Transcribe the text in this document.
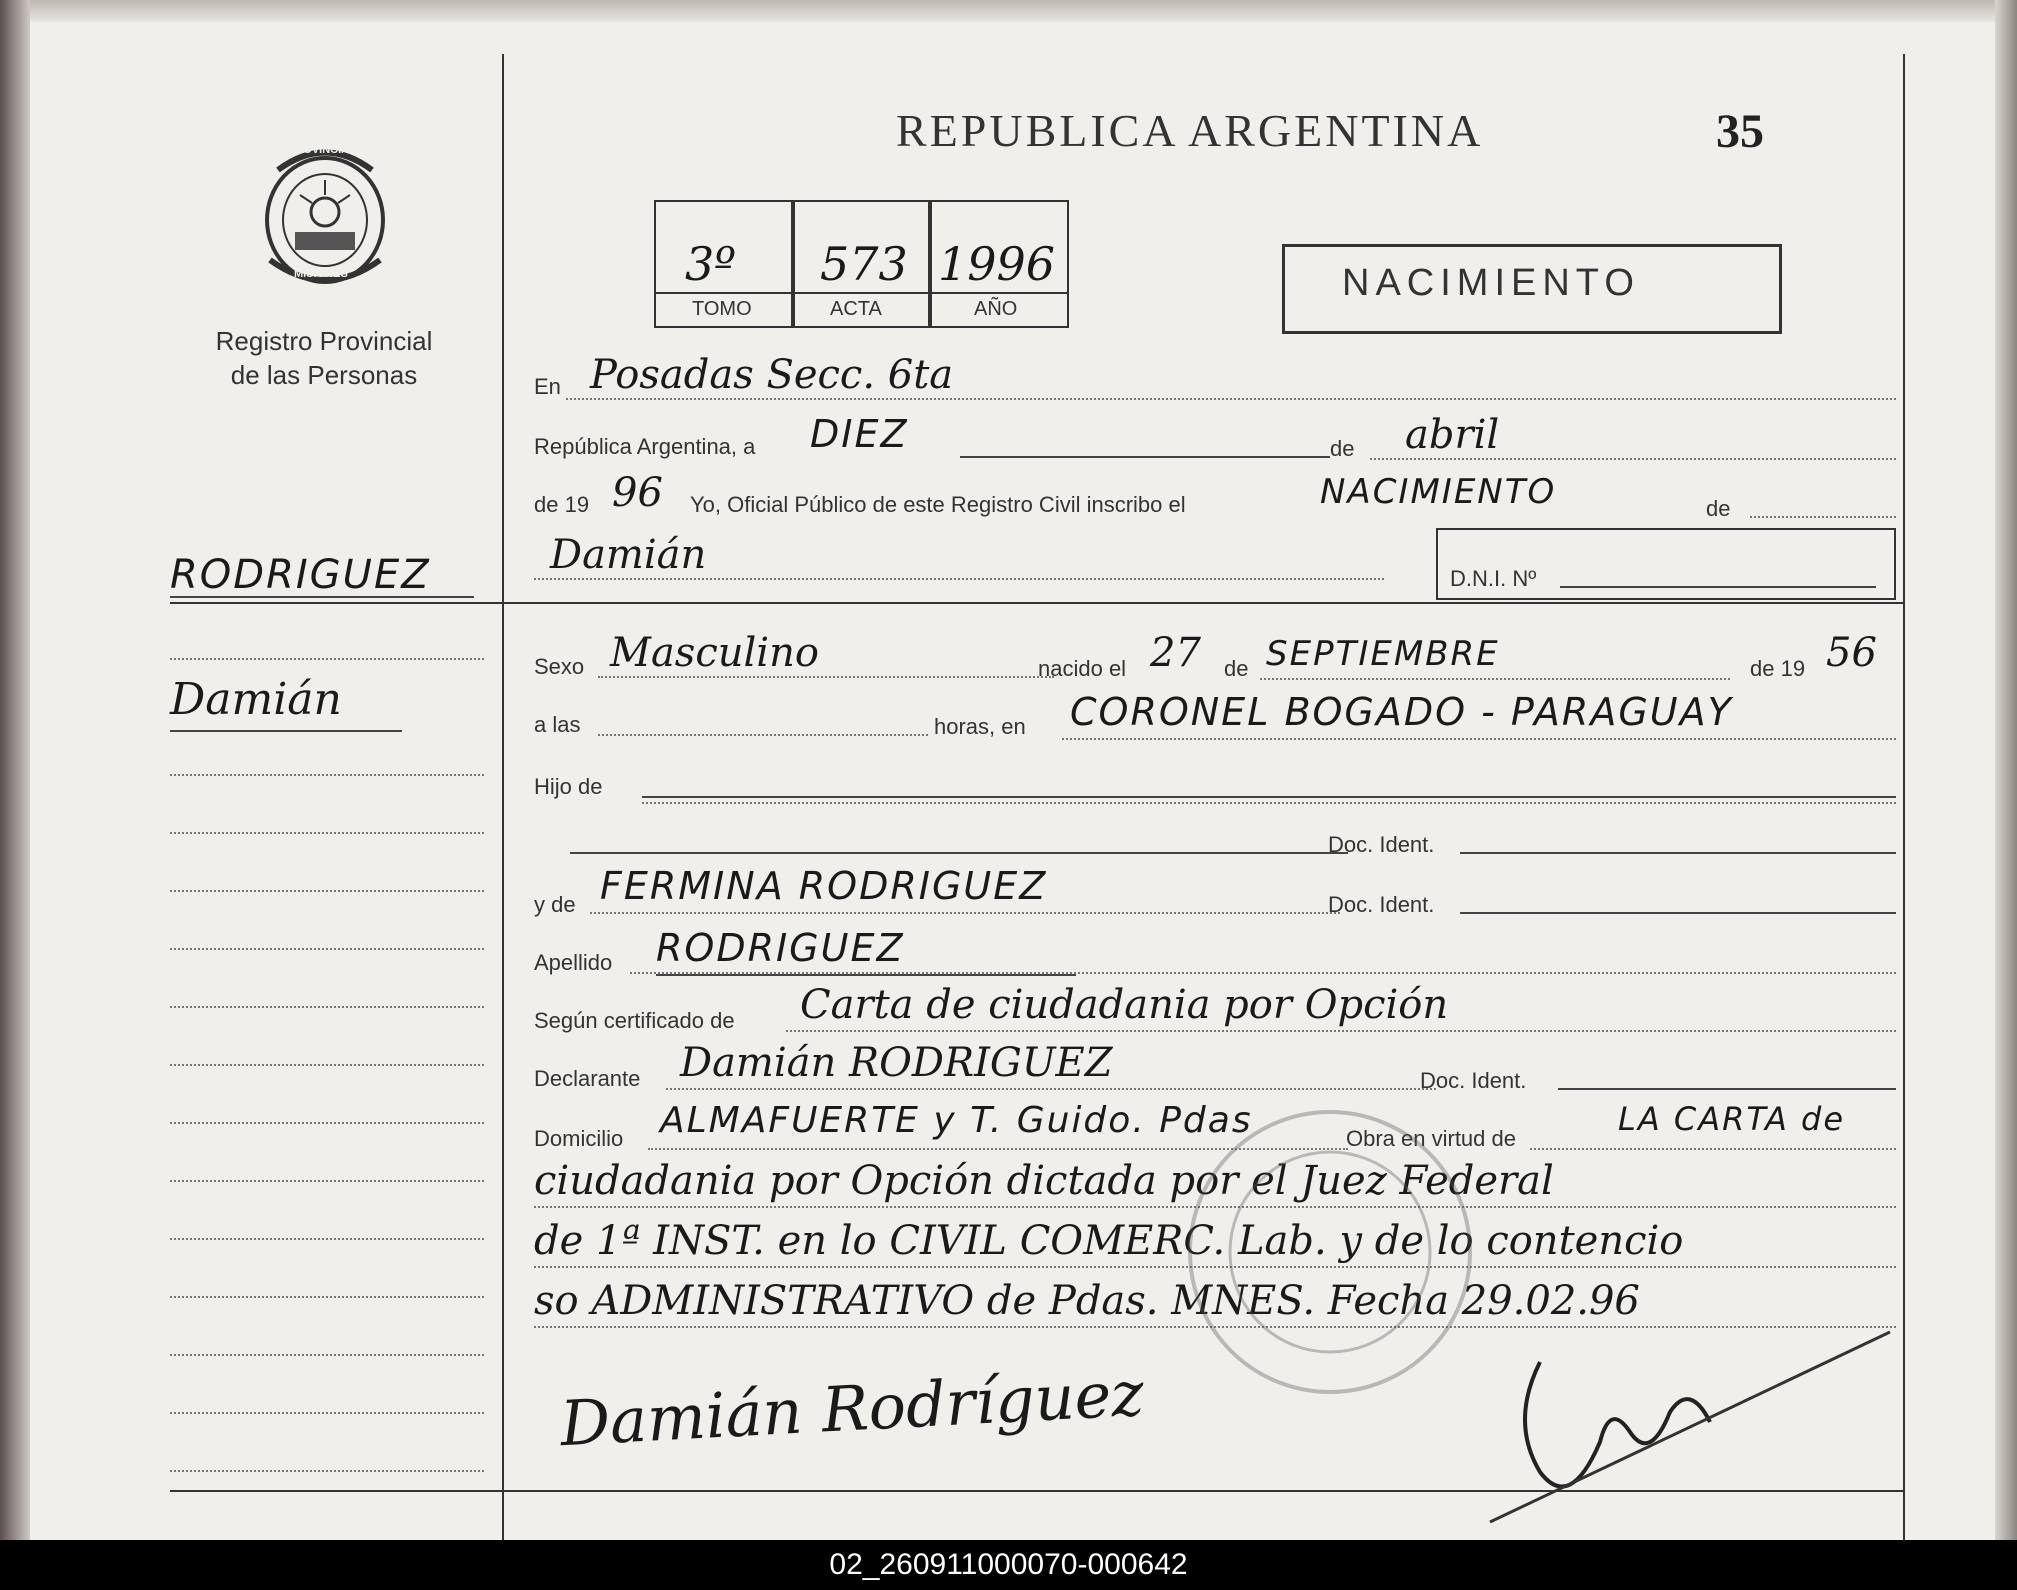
PROVINCIA
MISIONES
Registro Provincial
de las Personas
REPUBLICA ARGENTINA	35
3º 573 1996
TOMO	ACTA	AÑO
NACIMIENTO
RODRIGUEZ
Damián
En Posadas Secc. 6ta
República Argentina, a DIEZ	de abril
de 19 96 Yo, Oficial Público de este Registro Civil inscribo el	NACIMIENTO	de
Damián
D.N.I. Nº
Sexo Masculino	nacido el 27 de SEPTIEMBRE	de 19 56
a las	horas, en CORONEL BOGADO - PARAGUAY
Hijo de
Doc. Ident.
y de FERMINA RODRIGUEZ	Doc. Ident.
Apellido RODRIGUEZ
Según certificado de Carta de ciudadania por Opción
Declarante Damián RODRIGUEZ	Doc. Ident.
Domicilio ALMAFUERTE y T. Guido. Pdas	Obra en virtud de
LA CARTA de
ciudadania por Opción dictada por el Juez Federal
de 1ª INST. en lo CIVIL COMERC. Lab. y de lo contencio
so ADMINISTRATIVO de Pdas. MNES. Fecha 29.02.96
Damián Rodríguez
02_260911000070-000642
